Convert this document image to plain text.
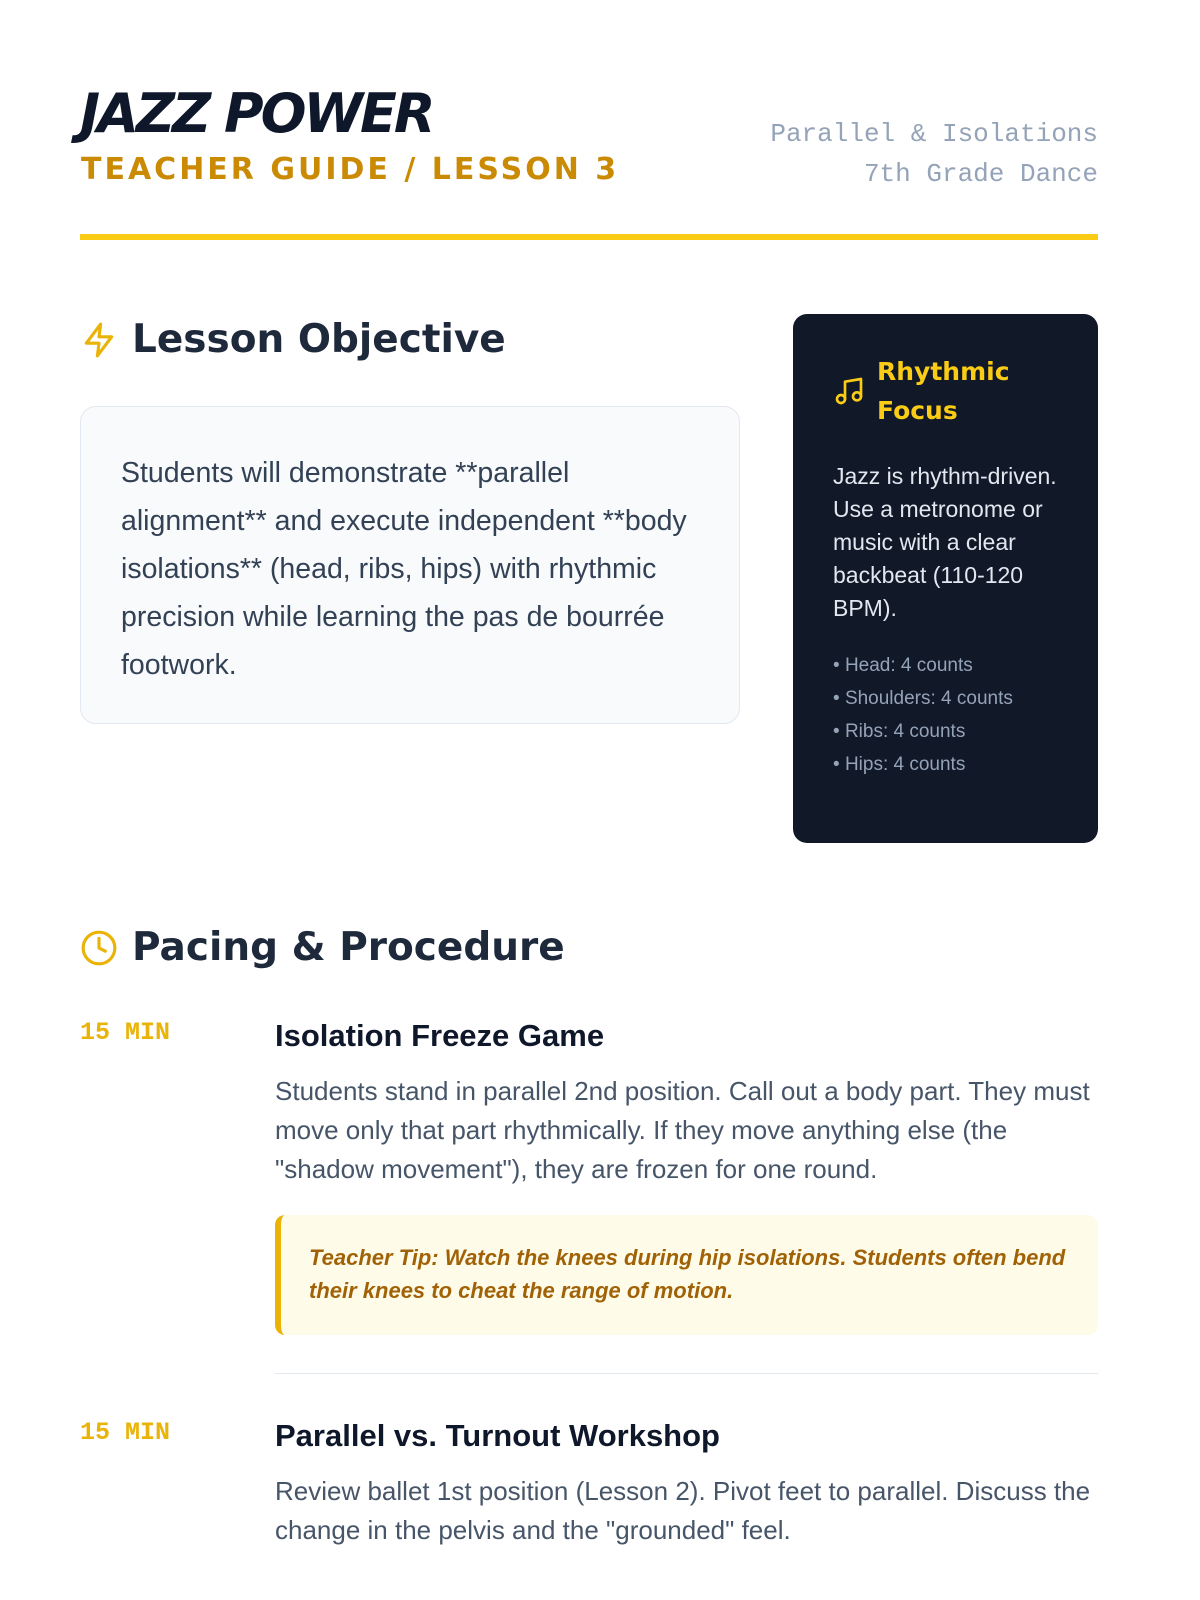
JAZZ POWER
TEACHER GUIDE / LESSON 3
Parallel & Isolations
7th Grade Dance
Lesson Objective

Students will demonstrate **parallel alignment** and execute independent **body isolations** (head, ribs, hips) with rhythmic precision while learning the pas de bourrée footwork.

Rhythmic Focus

Jazz is rhythm-driven. Use a metronome or music with a clear backbeat (110-120 BPM).

• Head: 4 counts
• Shoulders: 4 counts
• Ribs: 4 counts
• Hips: 4 counts
Pacing & Procedure
15 MIN	Isolation Freeze Game

Students stand in parallel 2nd position. Call out a body part. They must move only that part rhythmically. If they move anything else (the "shadow movement"), they are frozen for one round.

Teacher Tip: Watch the knees during hip isolations. Students often bend their knees to cheat the range of motion.
15 MIN	Parallel vs. Turnout Workshop

Review ballet 1st position (Lesson 2). Pivot feet to parallel. Discuss the change in the pelvis and the "grounded" feel.
